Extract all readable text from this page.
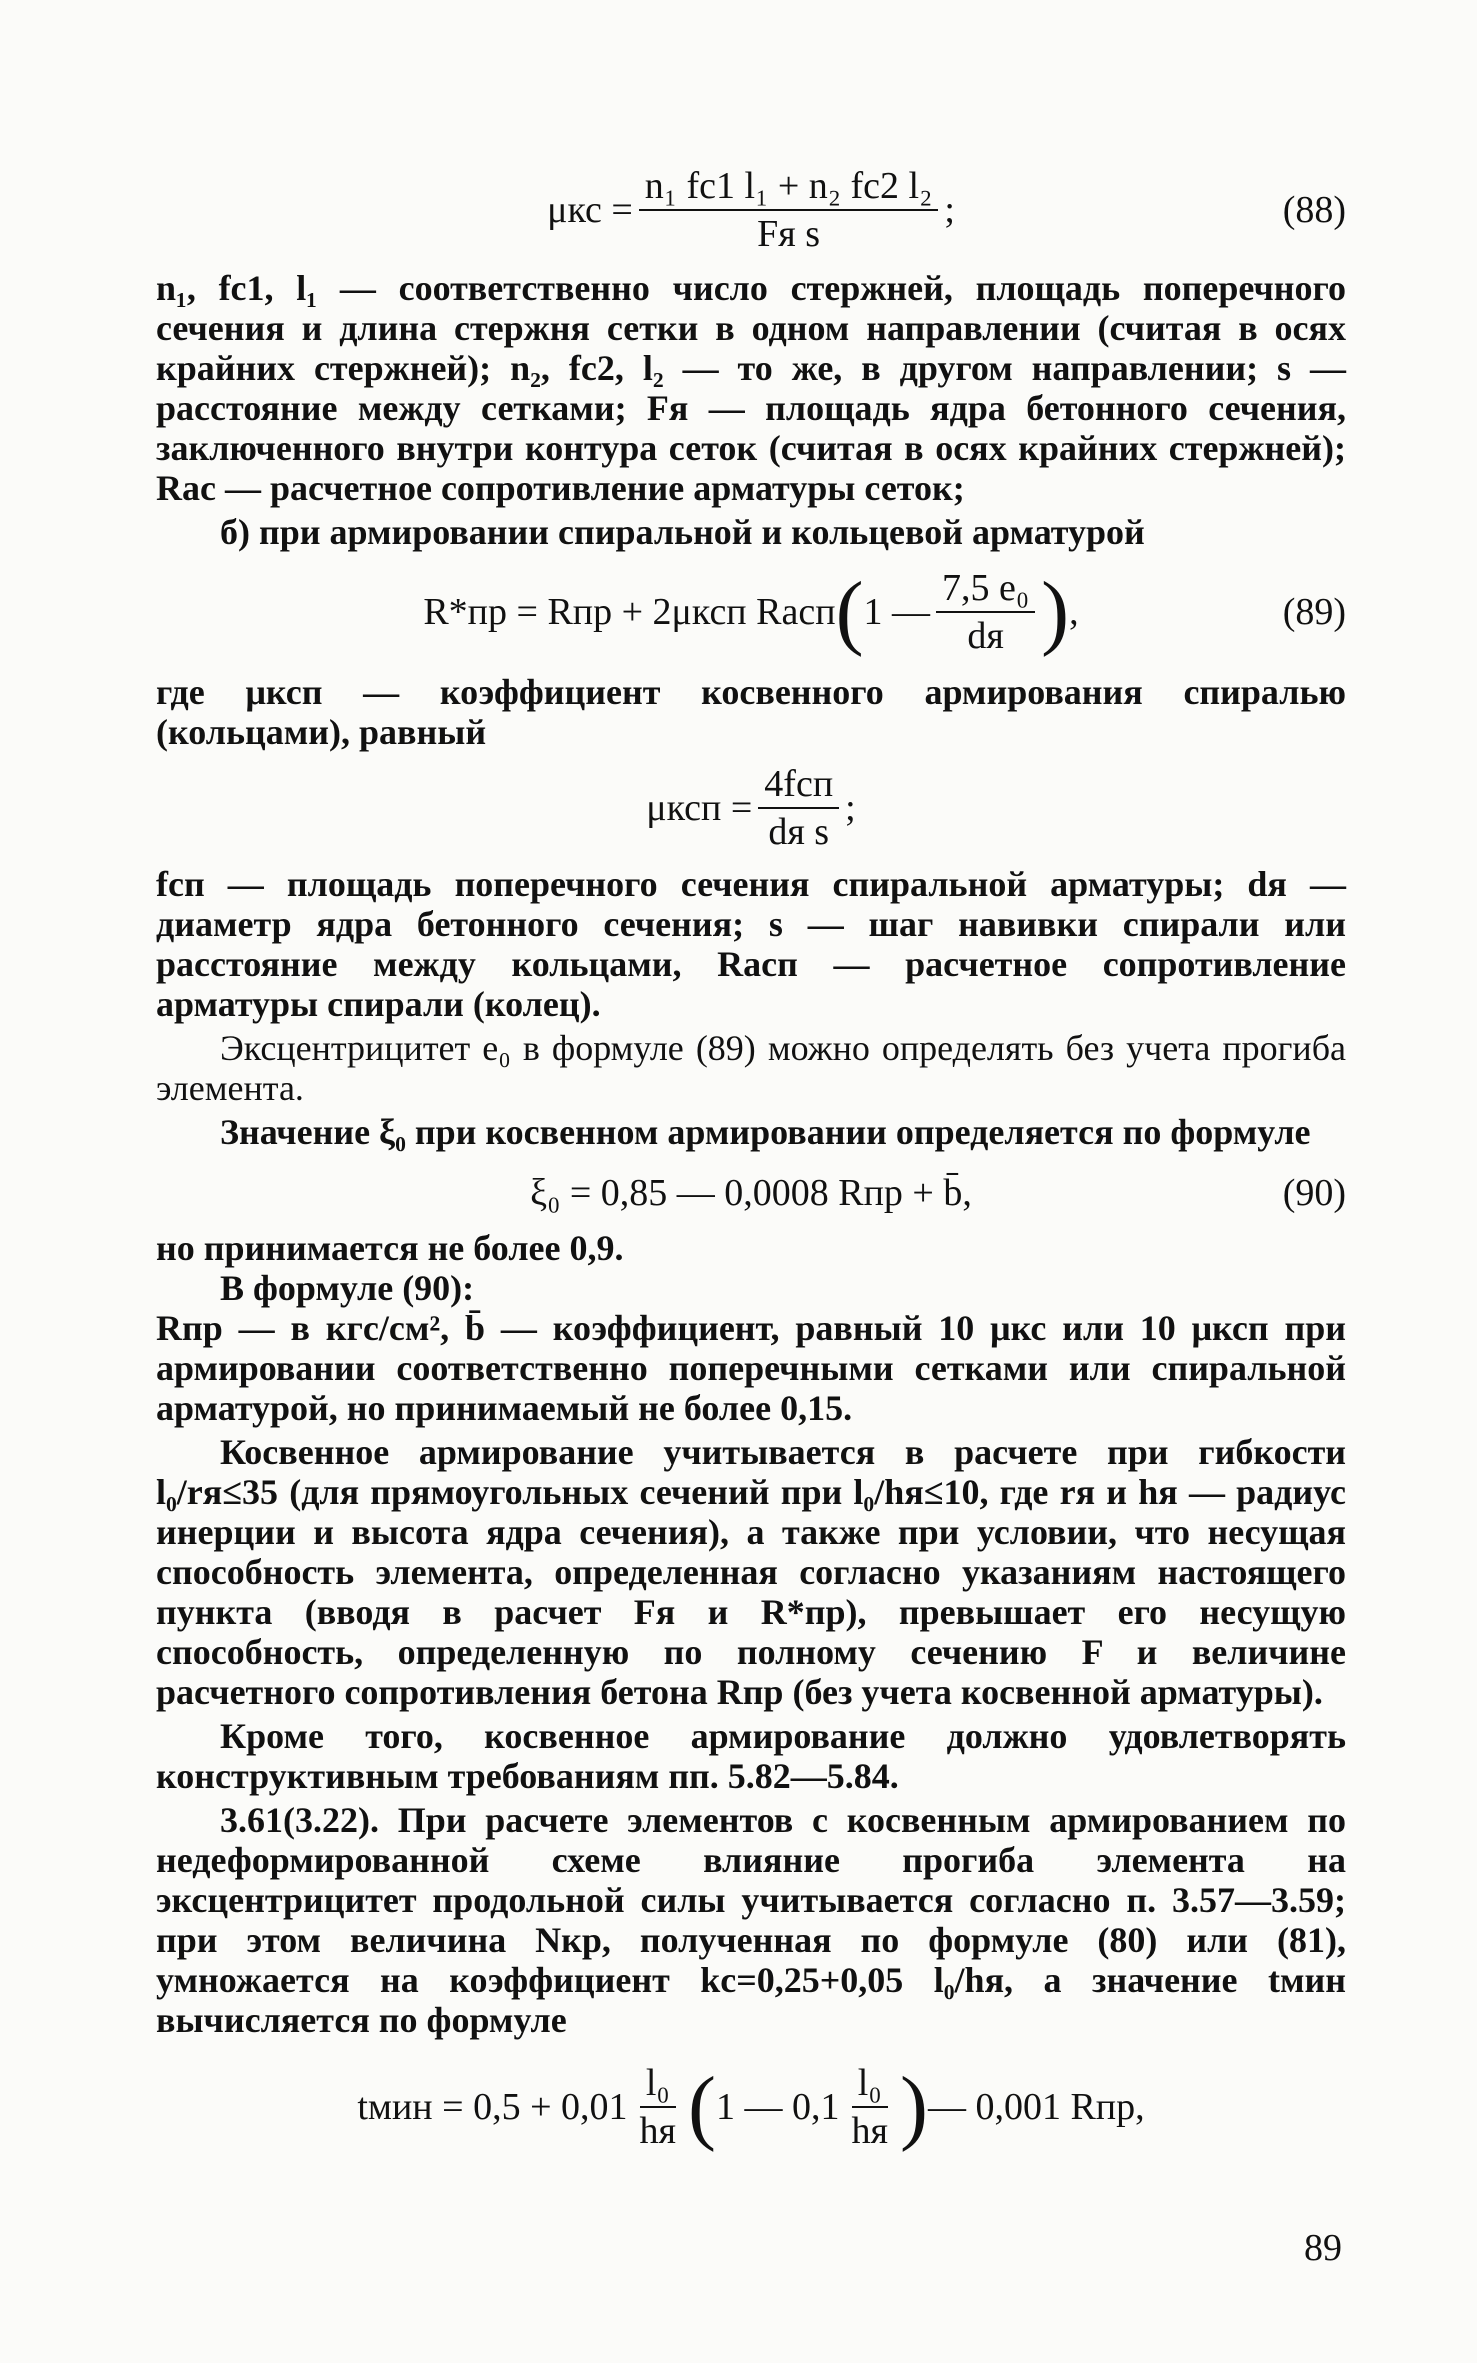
$\mu кс = \frac{\text{n₁ fс1 l₁ + n₂ fс2 l₂}}{\text{Fя s}}$ ;	(88)

n₁, fс1, l₁ — соответственно число стержней, площадь поперечного сечения и длина стержня сетки в одном направлении (считая в осях крайних стержней); n₂, fс2, l₂ — то же, в другом направлении; s — расстояние между сетками; Fя — площадь ядра бетонного сечения, заключенного внутри контура сеток (считая в осях крайних стержней); Rас — расчетное сопротивление арматуры сеток;

б) при армировании спиральной и кольцевой арматурой

R*пр = Rпр + 2μксп Rасп ( 1 — $\frac{\text{7,5 e₀}}{dя}$ ) ,	(89)

где μксп — коэффициент косвенного армирования спиралью (кольцами), равный

$\mu ксп = \frac{\text{4fсп}}{\text{dя s}}$ ;

fсп — площадь поперечного сечения спиральной арматуры; dя — диаметр ядра бетонного сечения; s — шаг навивки спирали или расстояние между кольцами, Rасп — расчетное сопротивление арматуры спирали (колец).

Эксцентрицитет e₀ в формуле (89) можно определять без учета прогиба элемента.

Значение ξ₀ при косвенном армировании определяется по формуле

ξ₀ = 0,85 — 0,0008 Rпр + b̄,	(90)

но принимается не более 0,9.

В формуле (90):

Rпр — в кгс/см², b̄ — коэффициент, равный 10 μкс или 10 μксп при армировании соответственно поперечными сетками или спиральной арматурой, но принимаемый не более 0,15.

Косвенное армирование учитывается в расчете при гибкости l₀/rя≤35 (для прямоугольных сечений при l₀/hя≤10, где rя и hя — радиус инерции и высота ядра сечения), а также при условии, что несущая способность элемента, определенная согласно указаниям настоящего пункта (вводя в расчет Fя и R*пр), превышает его несущую способность, определенную по полному сечению F и величине расчетного сопротивления бетона Rпр (без учета косвенной арматуры).

Кроме того, косвенное армирование должно удовлетворять конструктивным требованиям пп. 5.82—5.84.

3.61(3.22). При расчете элементов с косвенным армированием по недеформированной схеме влияние прогиба элемента на эксцентрицитет продольной силы учитывается согласно п. 3.57—3.59; при этом величина Nкр, полученная по формуле (80) или (81), умножается на коэффициент kс=0,25+0,05 l₀/hя, а значение tмин вычисляется по формуле

tмин = $0,5 + 0,01 \frac{\text{l₀}}{hя}$ ( 1 — $0,1 \frac{\text{l₀}}{hя}$ ) — 0,001 Rпр,
89
